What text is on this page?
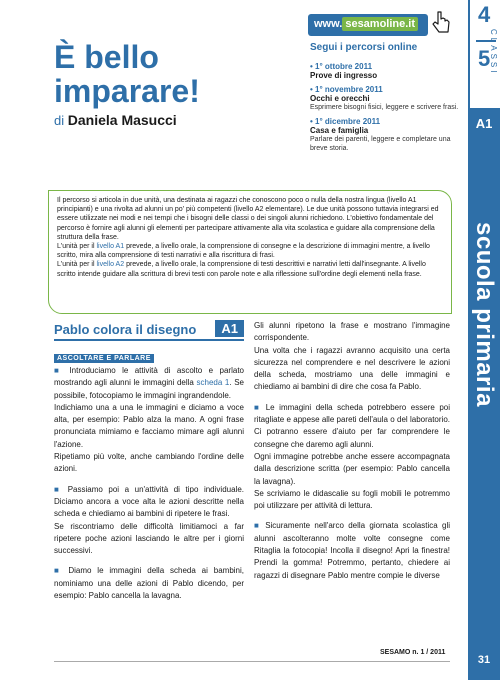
4
5
CLASSI
A1
scuola primaria
31
È bello imparare!
di Daniela Masucci
www. sesamoline.it
Segui i percorsi online
• 1° ottobre 2011
Prove di ingresso
• 1° novembre 2011
Occhi e orecchi
Esprimere bisogni fisici, leggere e scrivere frasi.
• 1° dicembre 2011
Casa e famiglia
Parlare dei parenti, leggere e completare una breve storia.

Il percorso si articola in due unità, una destinata ai ragazzi che conoscono poco o nulla della nostra lingua (livello A1 principianti) e una rivolta ad alunni un po' più competenti (livello A2 elementare). Le due unità possono tuttavia integrarsi ed essere utilizzate nei modi e nei tempi che i bisogni delle classi o dei singoli alunni richiedono. L'obiettivo fondamentale del percorso è fornire agli alunni gli elementi per partecipare attivamente alla vita scolastica e guidare alla comprensione della struttura della frase.

L'unità per il livello A1 prevede, a livello orale, la comprensione di consegne e la descrizione di immagini mentre, a livello scritto, mira alla comprensione di testi narrativi e alla riscrittura di frasi.

L'unità per il livello A2 prevede, a livello orale, la comprensione di testi descrittivi e narrativi letti dall'insegnante. A livello scritto intende guidare alla scrittura di brevi testi con parole note e alla riflessione sull'ordine degli elementi nella frase.

Pablo colora il disegno	A1
ASCOLTARE E PARLARE

■ Introduciamo le attività di ascolto e parlato mostrando agli alunni le immagini della scheda 1. Se possibile, fotocopiamo le immagini ingrandendole.
Indichiamo una a una le immagini e diciamo a voce alta, per esempio: Pablo alza la mano. A ogni frase pronunciata mimiamo e facciamo mimare agli alunni l'azione.
Ripetiamo più volte, anche cambiando l'ordine delle azioni.

■ Passiamo poi a un'attività di tipo individuale. Diciamo ancora a voce alta le azioni descritte nella scheda e chiediamo ai bambini di ripetere le frasi.
Se riscontriamo delle difficoltà limitiamoci a far ripetere poche azioni lasciando le altre per i giorni successivi.

■ Diamo le immagini della scheda ai bambini, nominiamo una delle azioni di Pablo dicendo, per esempio: Pablo cancella la lavagna.

Gli alunni ripetono la frase e mostrano l'immagine corrispondente.
Una volta che i ragazzi avranno acquisito una certa sicurezza nel comprendere e nel descrivere le azioni della scheda, mostriamo una delle immagini e chiediamo ai bambini di dire che cosa fa Pablo.

■ Le immagini della scheda potrebbero essere poi ritagliate e appese alle pareti dell'aula o del laboratorio. Ci potranno essere d'aiuto per far comprendere le consegne che daremo agli alunni.
Ogni immagine potrebbe anche essere accompagnata dalla descrizione scritta (per esempio: Pablo cancella la lavagna).
Se scriviamo le didascalie su fogli mobili le potremmo poi utilizzare per attività di lettura.

■ Sicuramente nell'arco della giornata scolastica gli alunni ascolteranno molte volte consegne come Ritaglia la fotocopia! Incolla il disegno! Apri la finestra! Prendi la gomma! Potremmo, pertanto, chiedere ai ragazzi di disegnare Pablo mentre compie le diverse

SESAMO n. 1 / 2011
